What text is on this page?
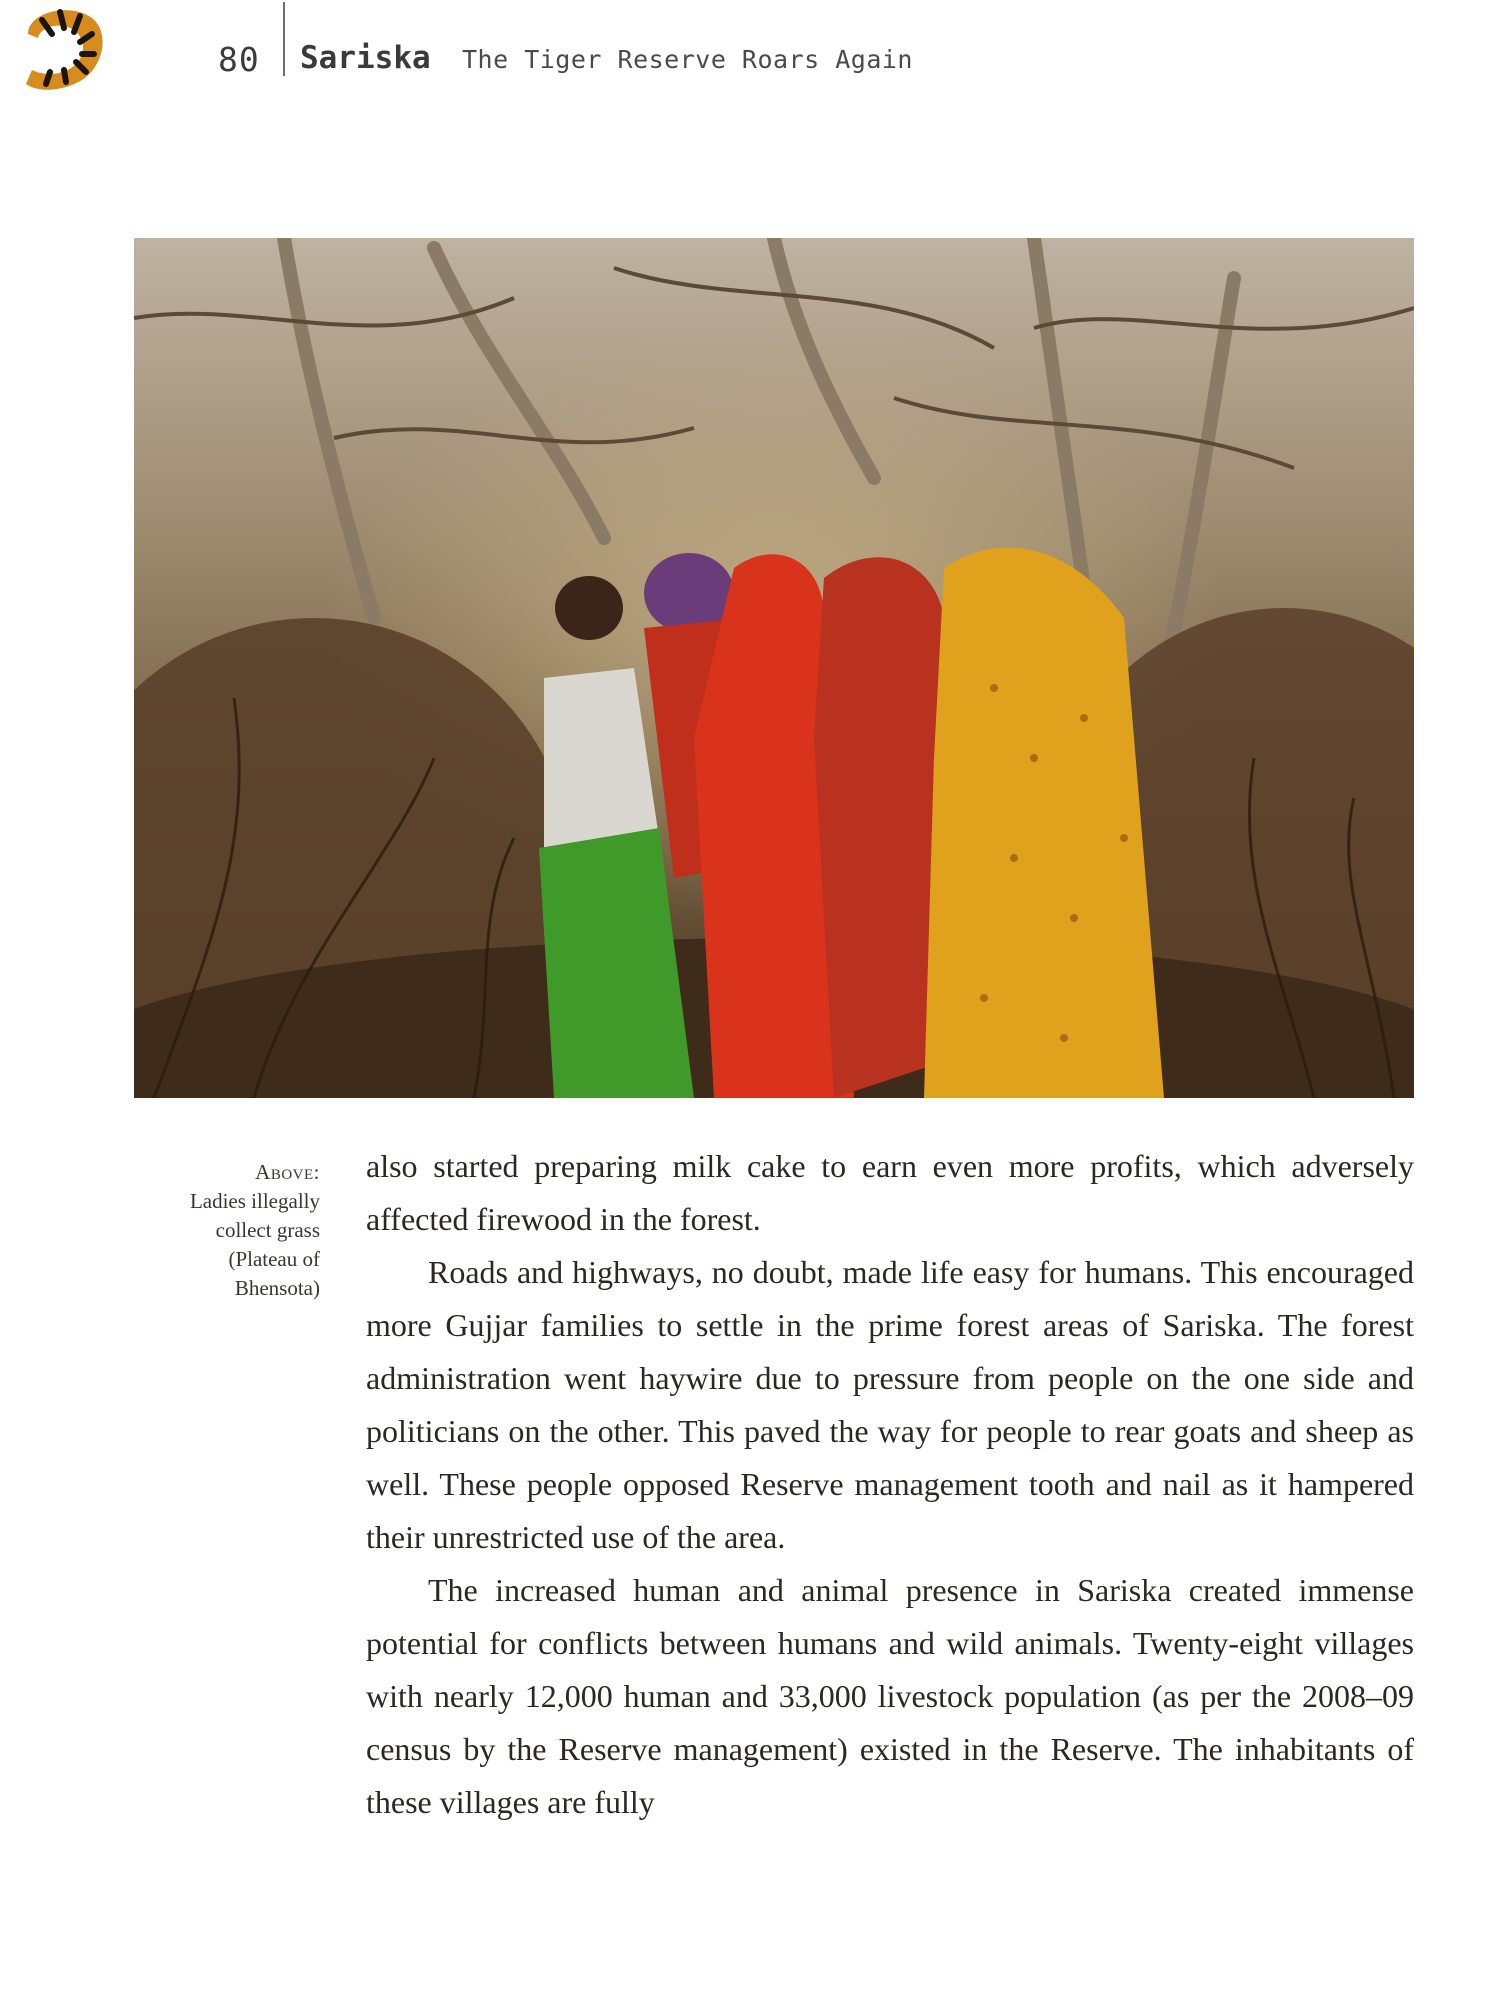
80 Sariska The Tiger Reserve Roars Again
Above:
Ladies illegally
collect grass
(Plateau of
Bhensota)

also started preparing milk cake to earn even more profits, which adversely affected firewood in the forest.

Roads and highways, no doubt, made life easy for humans. This encouraged more Gujjar families to settle in the prime forest areas of Sariska. The forest administration went haywire due to pressure from people on the one side and politicians on the other. This paved the way for people to rear goats and sheep as well. These people opposed Reserve management tooth and nail as it hampered their unrestricted use of the area.

The increased human and animal presence in Sariska created immense potential for conflicts between humans and wild animals. Twenty-eight villages with nearly 12,000 human and 33,000 livestock population (as per the 2008–09 census by the Reserve management) existed in the Reserve. The inhabitants of these villages are fully
